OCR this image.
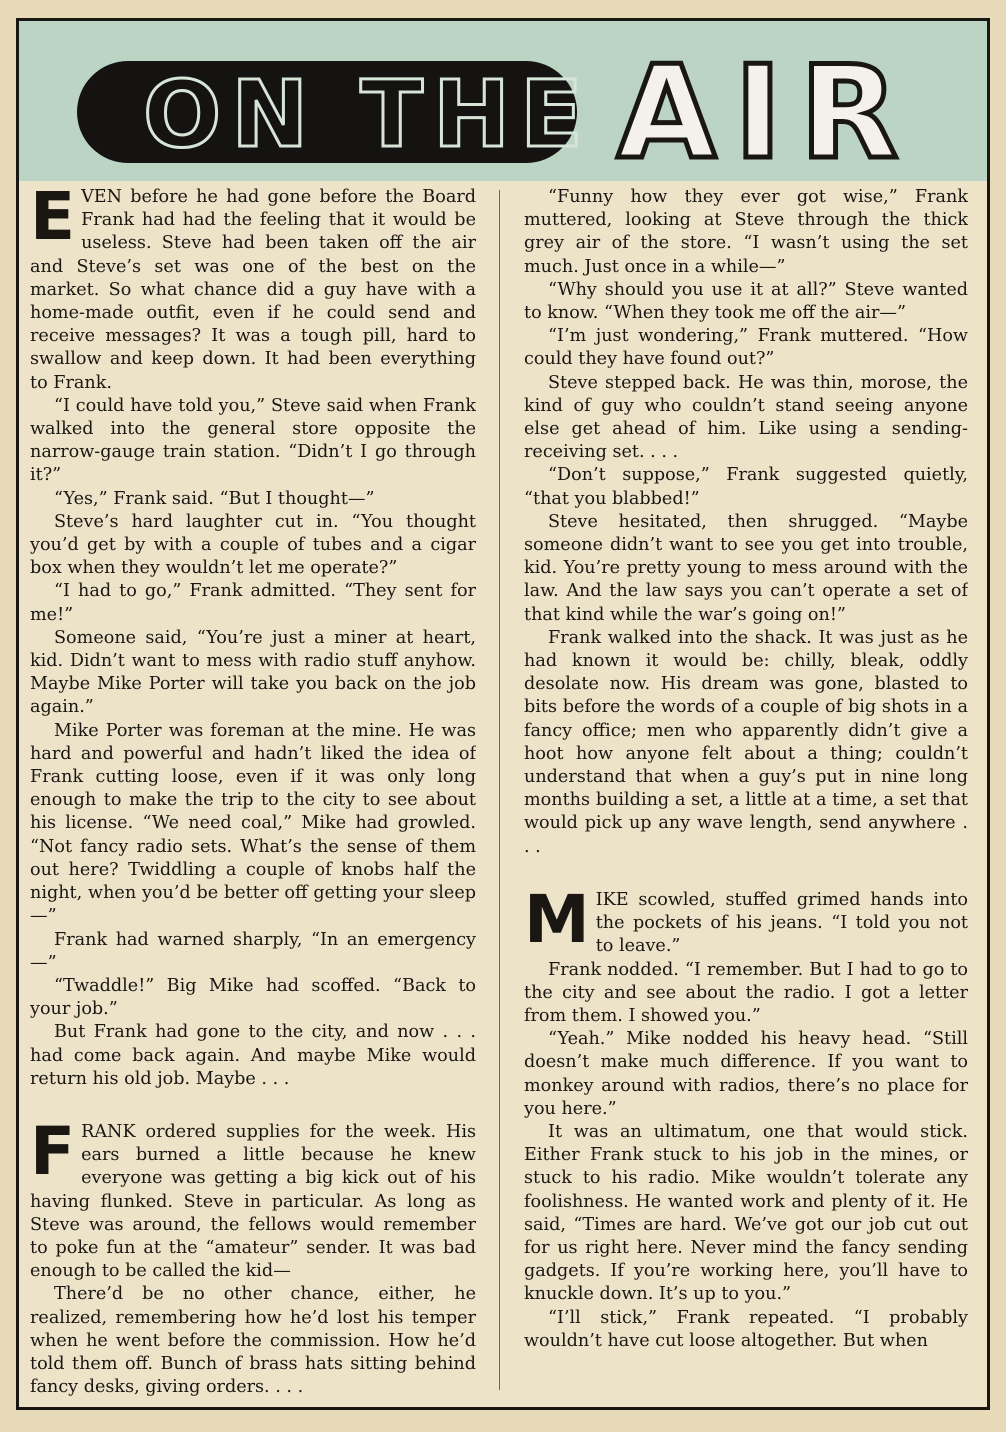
ON THE AIR

EVEN before he had gone before the Board Frank had had the feeling that it would be useless. Steve had been taken off the air and Steve’s set was one of the best on the market. So what chance did a guy have with a home-made outfit, even if he could send and receive messages? It was a tough pill, hard to swallow and keep down. It had been everything to Frank.

“I could have told you,” Steve said when Frank walked into the general store opposite the narrow-gauge train station. “Didn’t I go through it?”

“Yes,” Frank said. “But I thought—”

Steve’s hard laughter cut in. “You thought you’d get by with a couple of tubes and a cigar box when they wouldn’t let me operate?”

“I had to go,” Frank admitted. “They sent for me!”

Someone said, “You’re just a miner at heart, kid. Didn’t want to mess with radio stuff anyhow. Maybe Mike Porter will take you back on the job again.”

Mike Porter was foreman at the mine. He was hard and powerful and hadn’t liked the idea of Frank cutting loose, even if it was only long enough to make the trip to the city to see about his license. “We need coal,” Mike had growled. “Not fancy radio sets. What’s the sense of them out here? Twiddling a couple of knobs half the night, when you’d be better off getting your sleep—”

Frank had warned sharply, “In an emergency—”

“Twaddle!” Big Mike had scoffed. “Back to your job.”

But Frank had gone to the city, and now . . . had come back again. And maybe Mike would return his old job. Maybe . . .

FRANK ordered supplies for the week. His ears burned a little because he knew everyone was getting a big kick out of his having flunked. Steve in particular. As long as Steve was around, the fellows would remember to poke fun at the “amateur” sender. It was bad enough to be called the kid—

There’d be no other chance, either, he realized, remembering how he’d lost his temper when he went before the commission. How he’d told them off. Bunch of brass hats sitting behind fancy desks, giving orders. . . .

“Funny how they ever got wise,” Frank muttered, looking at Steve through the thick grey air of the store. “I wasn’t using the set much. Just once in a while—”

“Why should you use it at all?” Steve wanted to know. “When they took me off the air—”

“I’m just wondering,” Frank muttered. “How could they have found out?”

Steve stepped back. He was thin, morose, the kind of guy who couldn’t stand seeing anyone else get ahead of him. Like using a sending-receiving set. . . .

“Don’t suppose,” Frank suggested quietly, “that you blabbed!”

Steve hesitated, then shrugged. “Maybe someone didn’t want to see you get into trouble, kid. You’re pretty young to mess around with the law. And the law says you can’t operate a set of that kind while the war’s going on!”

Frank walked into the shack. It was just as he had known it would be: chilly, bleak, oddly desolate now. His dream was gone, blasted to bits before the words of a couple of big shots in a fancy office; men who apparently didn’t give a hoot how anyone felt about a thing; couldn’t understand that when a guy’s put in nine long months building a set, a little at a time, a set that would pick up any wave length, send anywhere . . .

MIKE scowled, stuffed grimed hands into the pockets of his jeans. “I told you not to leave.”

Frank nodded. “I remember. But I had to go to the city and see about the radio. I got a letter from them. I showed you.”

“Yeah.” Mike nodded his heavy head. “Still doesn’t make much difference. If you want to monkey around with radios, there’s no place for you here.”

It was an ultimatum, one that would stick. Either Frank stuck to his job in the mines, or stuck to his radio. Mike wouldn’t tolerate any foolishness. He wanted work and plenty of it. He said, “Times are hard. We’ve got our job cut out for us right here. Never mind the fancy sending gadgets. If you’re working here, you’ll have to knuckle down. It’s up to you.”

“I’ll stick,” Frank repeated. “I probably wouldn’t have cut loose altogether. But when
